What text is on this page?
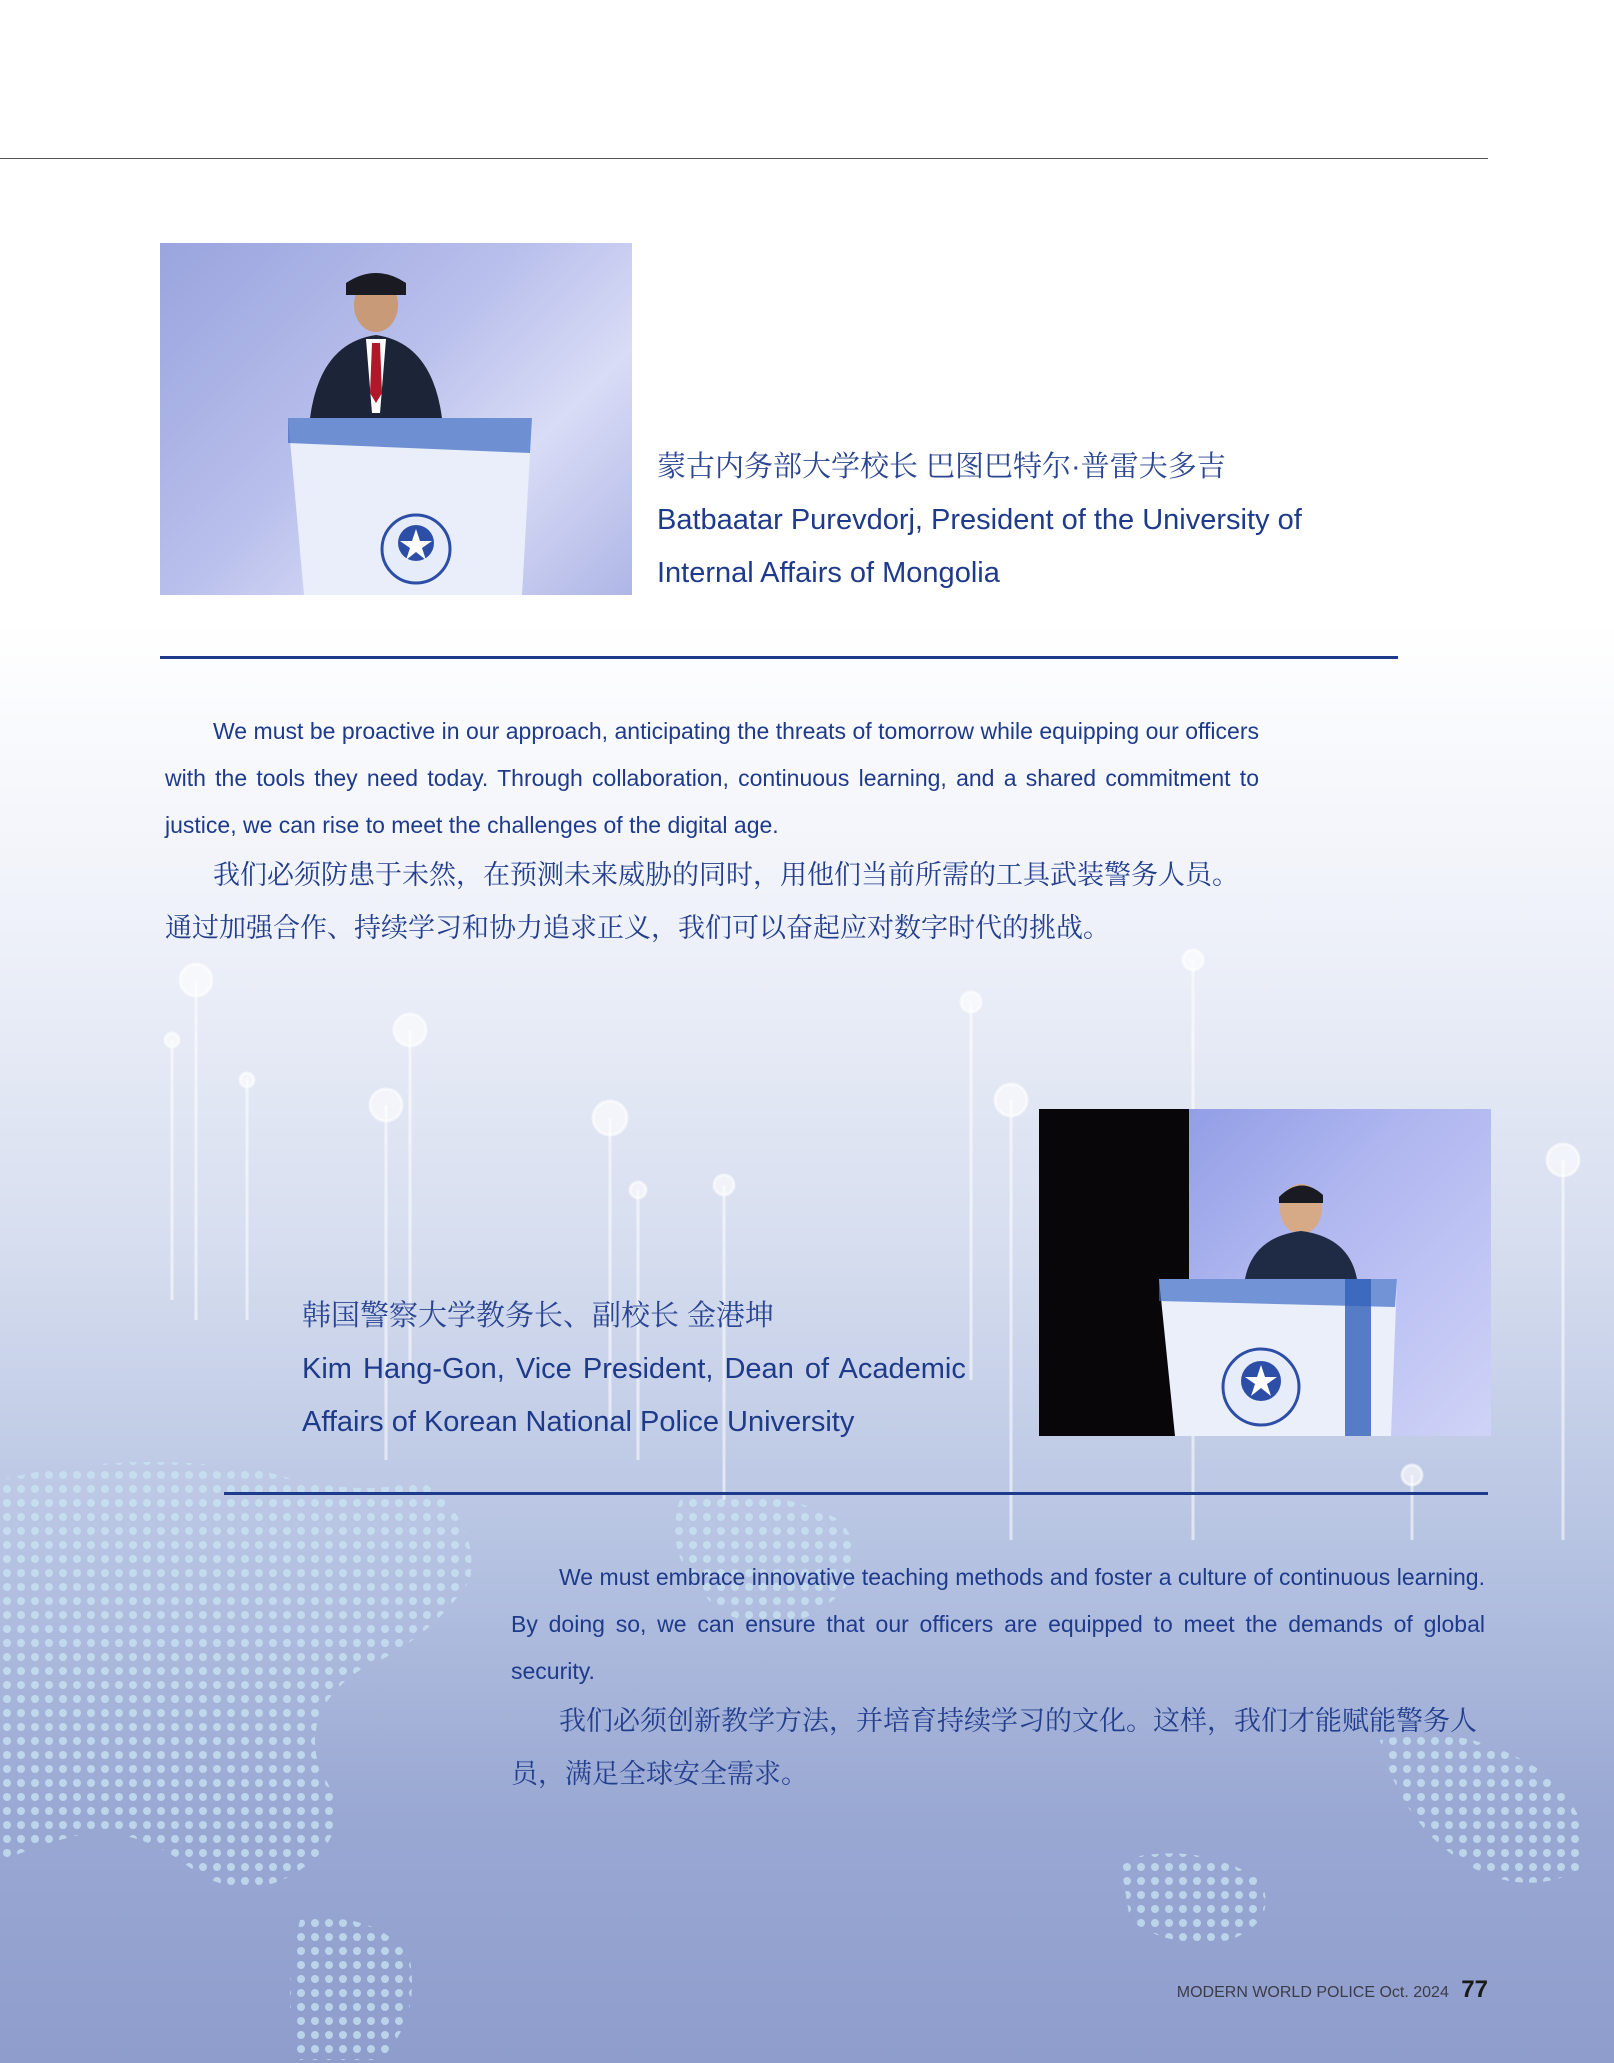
蒙古内务部大学校长 巴图巴特尔·普雷夫多吉
Batbaatar Purevdorj, President of the University of
Internal Affairs of Mongolia

We must be proactive in our approach, anticipating the threats of tomorrow while equipping our officers with the tools they need today. Through collaboration, continuous learning, and a shared commitment to justice, we can rise to meet the challenges of the digital age.

我们必须防患于未然，在预测未来威胁的同时，用他们当前所需的工具武装警务人员。通过加强合作、持续学习和协力追求正义，我们可以奋起应对数字时代的挑战。

韩国警察大学教务长、副校长 金港坤
Kim Hang-Gon, Vice President, Dean of Academic
Affairs of Korean National Police University

We must embrace innovative teaching methods and foster a culture of continuous learning. By doing so, we can ensure that our officers are equipped to meet the demands of global security.

我们必须创新教学方法，并培育持续学习的文化。这样，我们才能赋能警务人员，满足全球安全需求。

MODERN WORLD POLICE Oct. 2024 77
